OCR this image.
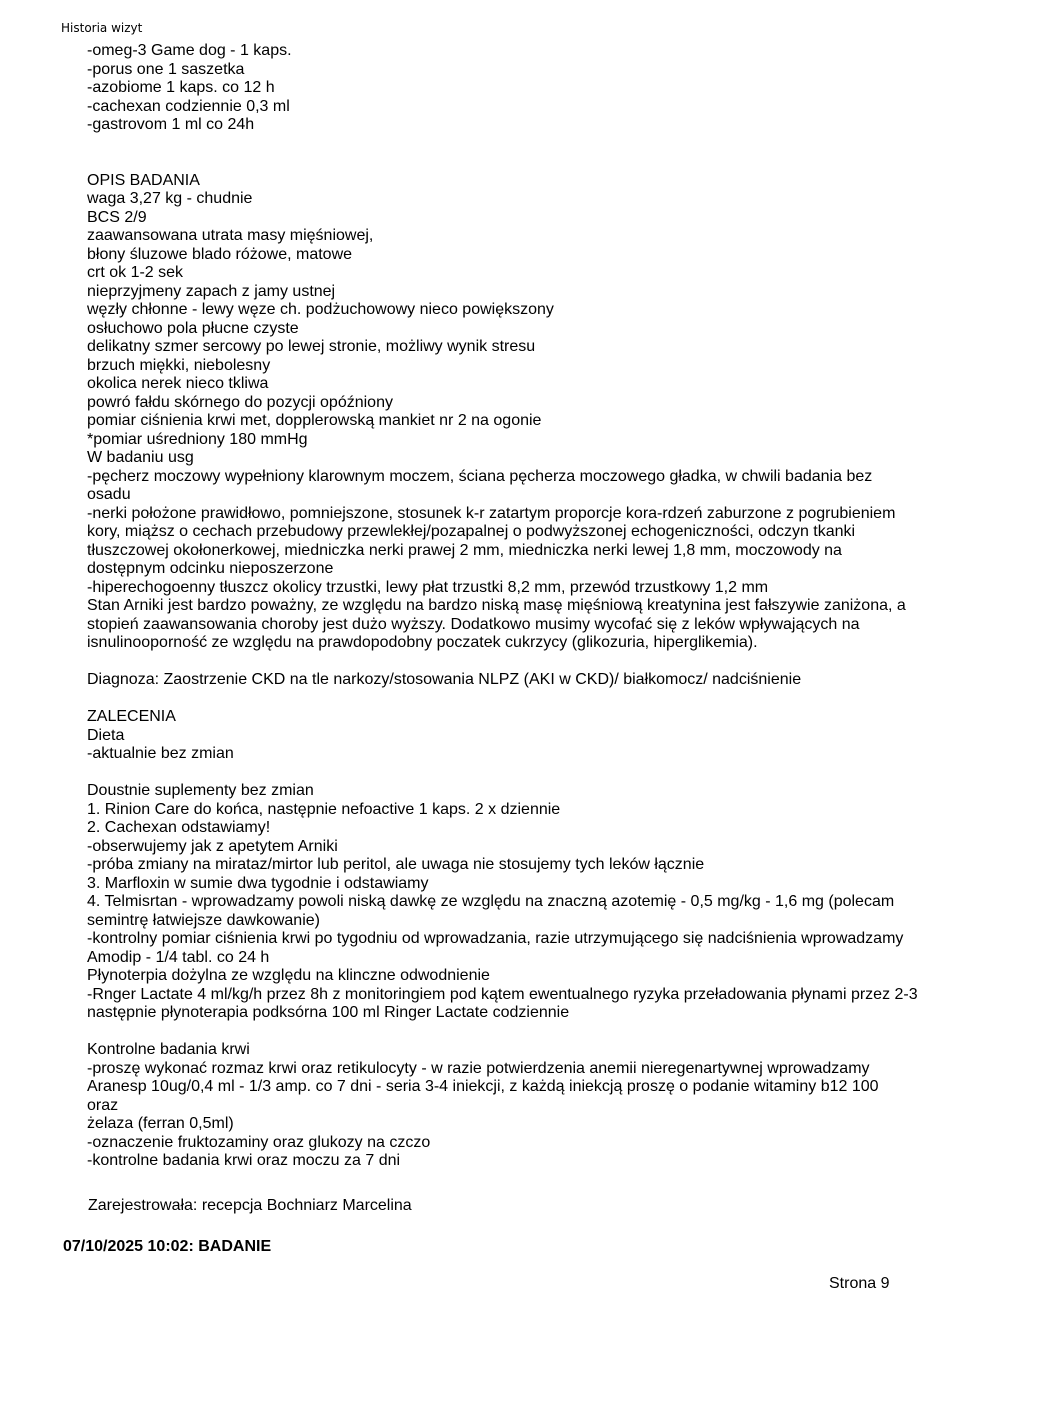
Historia wizyt
-omeg-3 Game dog - 1 kaps.
-porus one 1 saszetka
-azobiome 1 kaps. co 12 h
-cachexan codziennie 0,3 ml
-gastrovom 1 ml co 24h
OPIS BADANIA
waga 3,27 kg - chudnie
BCS 2/9
zaawansowana utrata masy mięśniowej,
błony śluzowe blado różowe, matowe
crt ok 1-2 sek
nieprzyjmeny zapach z jamy ustnej
węzły chłonne - lewy węze ch. podżuchowowy nieco powiększony
osłuchowo pola płucne czyste
delikatny szmer sercowy po lewej stronie, możliwy wynik stresu
brzuch miękki, niebolesny
okolica nerek nieco tkliwa
powró fałdu skórnego do pozycji opóźniony
pomiar ciśnienia krwi met, dopplerowską mankiet nr 2 na ogonie
*pomiar uśredniony 180 mmHg
W badaniu usg
-pęcherz moczowy wypełniony klarownym moczem, ściana pęcherza moczowego gładka, w chwili badania bez
osadu
-nerki położone prawidłowo, pomniejszone, stosunek k-r zatartym proporcje kora-rdzeń zaburzone z pogrubieniem
kory, miąższ o cechach przebudowy przewlekłej/pozapalnej o podwyższonej echogeniczności, odczyn tkanki
tłuszczowej okołonerkowej, miedniczka nerki prawej 2 mm, miedniczka nerki lewej 1,8 mm, moczowody na
dostępnym odcinku nieposzerzone
-hiperechogoenny tłuszcz okolicy trzustki, lewy płat trzustki 8,2 mm, przewód trzustkowy 1,2 mm
Stan Arniki jest bardzo poważny, ze względu na bardzo niską masę mięśniową kreatynina jest fałszywie zaniżona, a
stopień zaawansowania choroby jest dużo wyższy. Dodatkowo musimy wycofać się z leków wpływających na
isnulinooporność ze względu na prawdopodobny poczatek cukrzycy (glikozuria, hiperglikemia).
Diagnoza: Zaostrzenie CKD na tle narkozy/stosowania NLPZ (AKI w CKD)/ białkomocz/ nadciśnienie
ZALECENIA
Dieta
-aktualnie bez zmian
Doustnie suplementy bez zmian
1. Rinion Care do końca, następnie nefoactive 1 kaps. 2 x dziennie
2. Cachexan odstawiamy!
-obserwujemy jak z apetytem Arniki
-próba zmiany na mirataz/mirtor lub peritol, ale uwaga nie stosujemy tych leków łącznie
3. Marfloxin w sumie dwa tygodnie i odstawiamy
4. Telmisrtan - wprowadzamy powoli niską dawkę ze względu na znaczną azotemię - 0,5 mg/kg - 1,6 mg (polecam
semintrę łatwiejsze dawkowanie)
-kontrolny pomiar ciśnienia krwi po tygodniu od wprowadzania, razie utrzymującego się nadciśnienia wprowadzamy
Amodip - 1/4 tabl. co 24 h
Płynoterpia dożylna ze względu na klinczne odwodnienie
-Rnger Lactate 4 ml/kg/h przez 8h z monitoringiem pod kątem ewentualnego ryzyka przeładowania płynami przez 2-3
następnie płynoterapia podksórna 100 ml Ringer Lactate codziennie
Kontrolne badania krwi
-proszę wykonać rozmaz krwi oraz retikulocyty - w razie potwierdzenia anemii nieregenartywnej wprowadzamy
Aranesp 10ug/0,4 ml - 1/3 amp. co 7 dni - seria 3-4 iniekcji, z każdą iniekcją proszę o podanie witaminy b12 100
oraz
żelaza (ferran 0,5ml)
-oznaczenie fruktozaminy oraz glukozy na czczo
-kontrolne badania krwi oraz moczu za 7 dni
Zarejestrowała: recepcja Bochniarz Marcelina
07/10/2025 10:02: BADANIE
Strona 9
